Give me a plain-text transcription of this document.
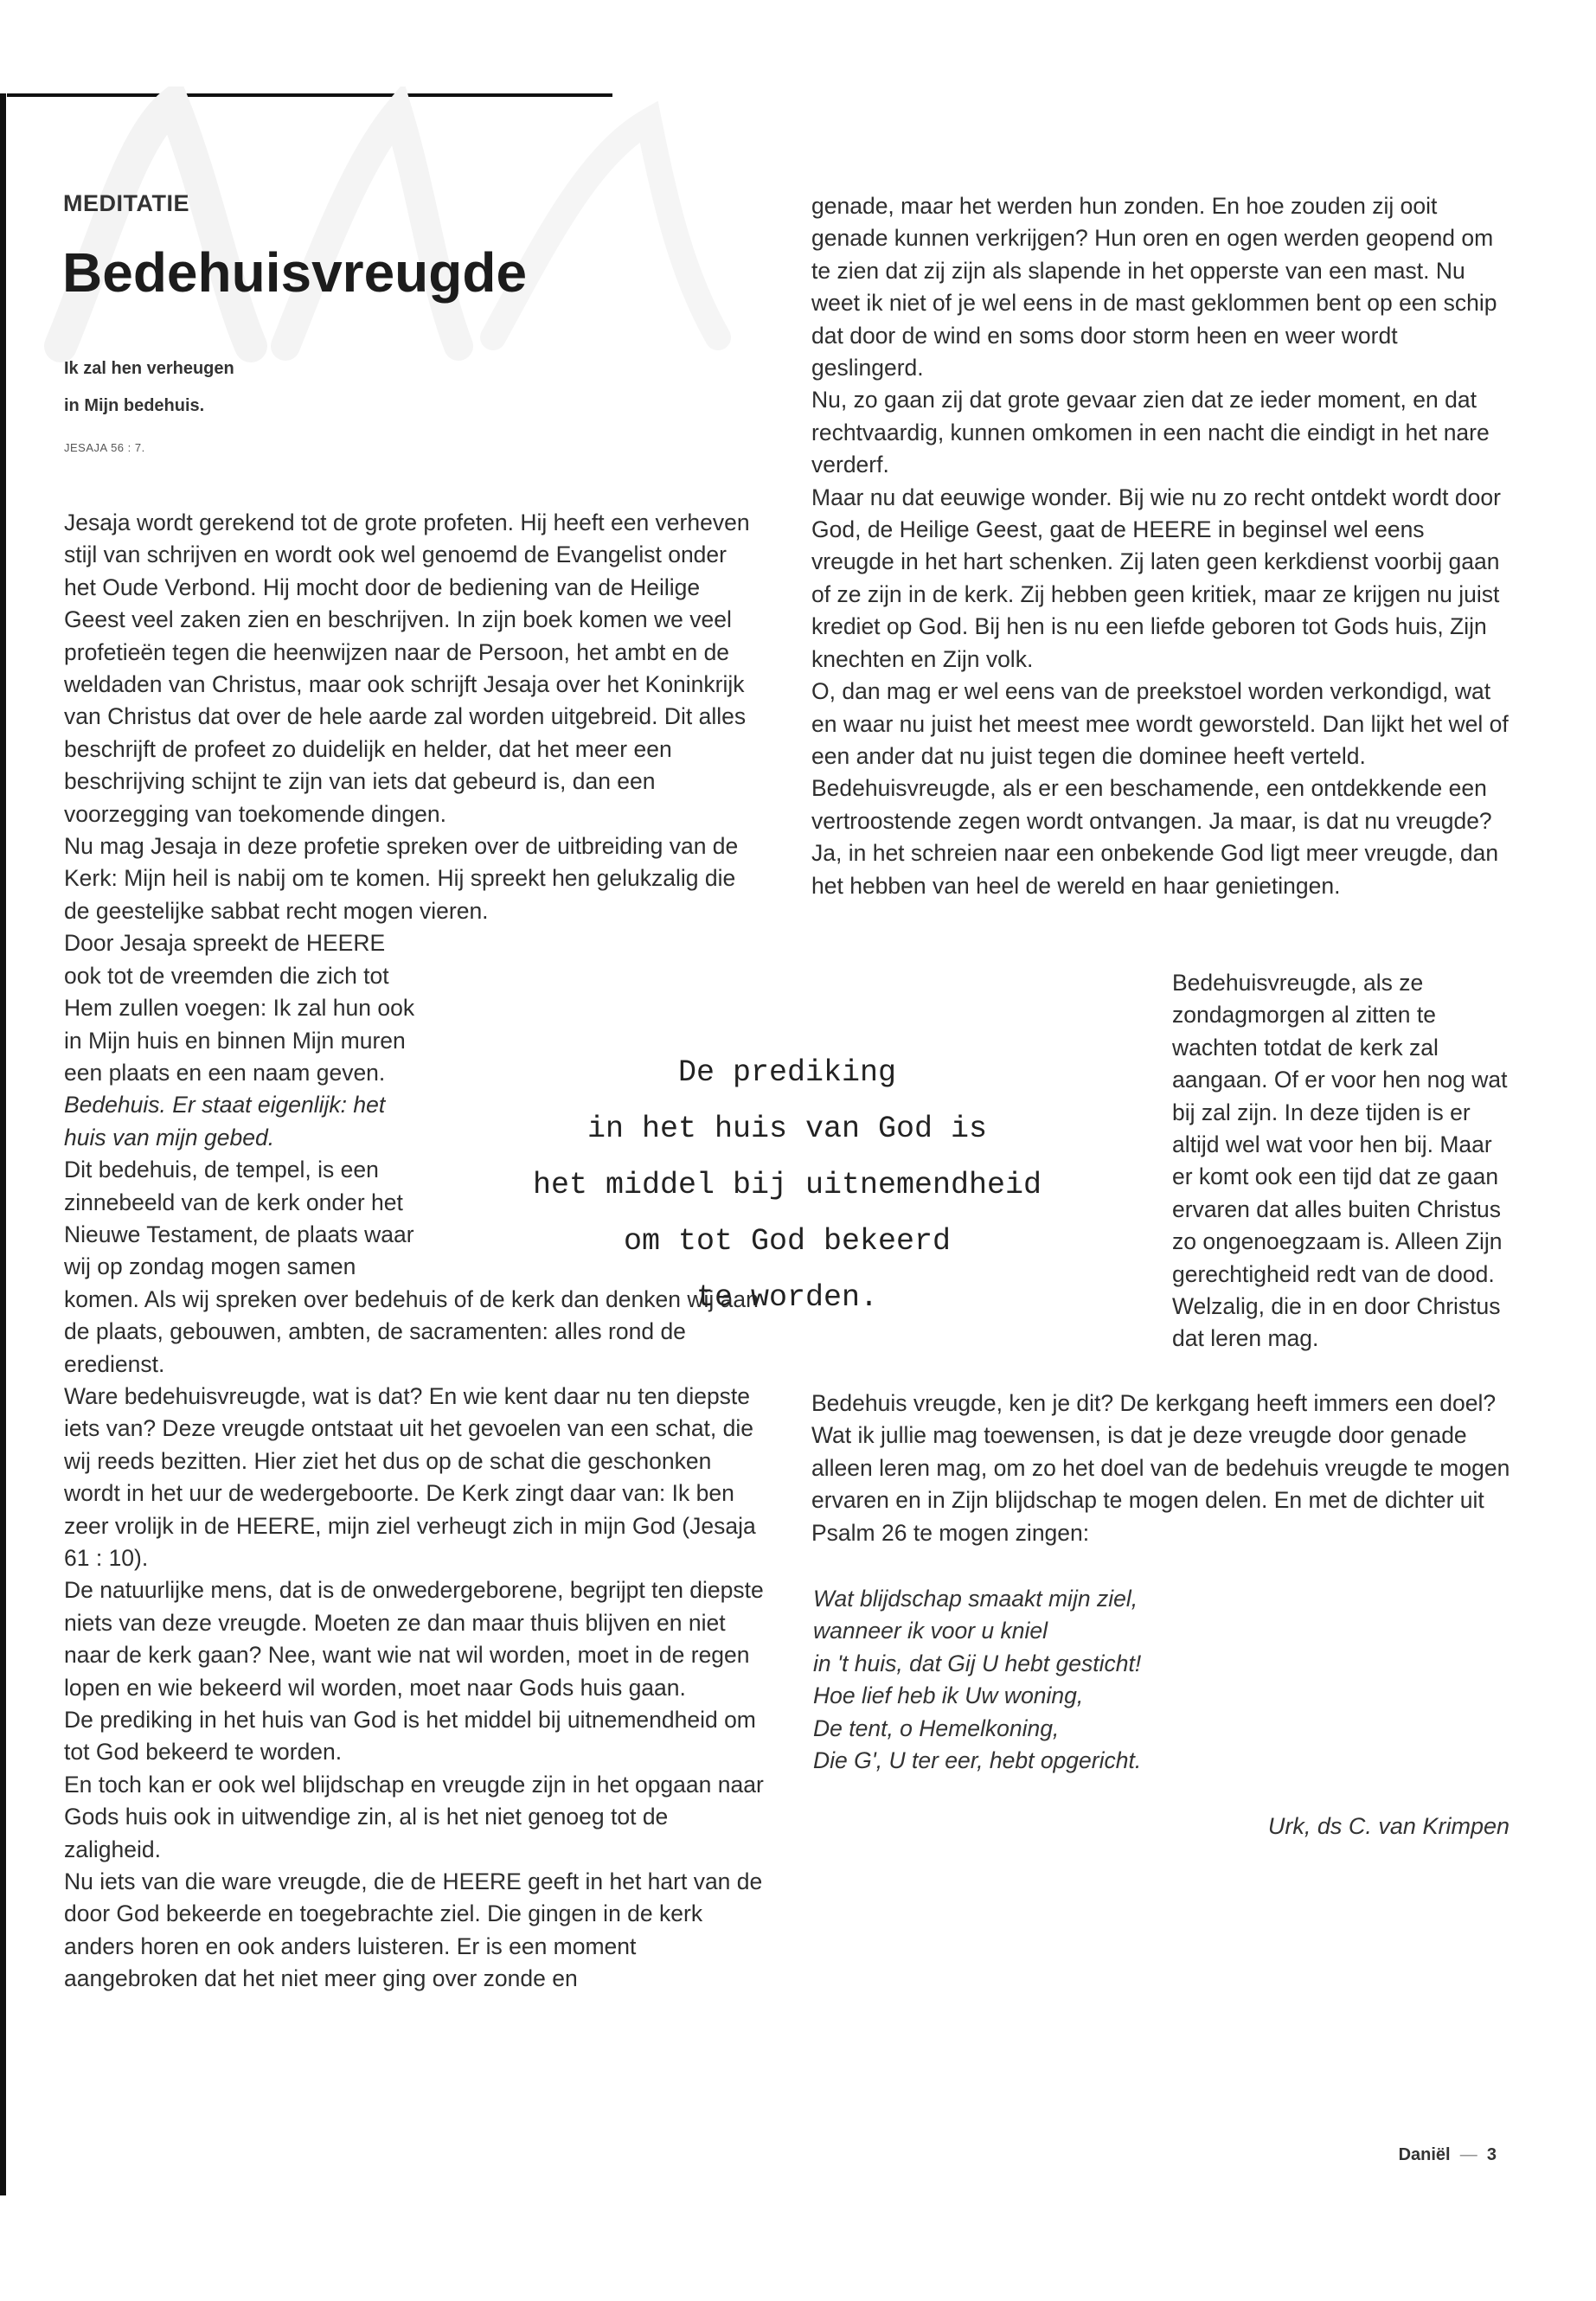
MEDITATIE
Bedehuisvreugde
Ik zal hen verheugen
in Mijn bedehuis.
JESAJA 56 : 7.

Jesaja wordt gerekend tot de grote profeten. Hij heeft een verheven stijl van schrijven en wordt ook wel genoemd de Evangelist onder het Oude Verbond. Hij mocht door de bediening van de Heilige Geest veel zaken zien en beschrijven. In zijn boek komen we veel profetieën tegen die heenwijzen naar de Persoon, het ambt en de weldaden van Christus, maar ook schrijft Jesaja over het Koninkrijk van Christus dat over de hele aarde zal worden uitgebreid. Dit alles beschrijft de profeet zo duidelijk en helder, dat het meer een beschrijving schijnt te zijn van iets dat gebeurd is, dan een voorzegging van toekomende dingen.

Nu mag Jesaja in deze profetie spreken over de uitbreiding van de Kerk: Mijn heil is nabij om te komen. Hij spreekt hen gelukzalig die de geestelijke sabbat recht mogen vieren.

Door Jesaja spreekt de HEERE ook tot de vreemden die zich tot Hem zullen voegen: Ik zal hun ook in Mijn huis en binnen Mijn muren een plaats en een naam geven.

Bedehuis. Er staat eigenlijk: het huis van mijn gebed.

Dit bedehuis, de tempel, is een zinnebeeld van de kerk onder het Nieuwe Testament, de plaats waar wij op zondag mogen samen

komen. Als wij spreken over bedehuis of de kerk dan denken wij aan de plaats, gebouwen, ambten, de sacramenten: alles rond de eredienst.

Ware bedehuisvreugde, wat is dat? En wie kent daar nu ten diepste iets van? Deze vreugde ontstaat uit het gevoelen van een schat, die wij reeds bezitten. Hier ziet het dus op de schat die geschonken wordt in het uur de wedergeboorte. De Kerk zingt daar van: Ik ben zeer vrolijk in de HEERE, mijn ziel verheugt zich in mijn God (Jesaja 61 : 10).

De natuurlijke mens, dat is de onwedergeborene, begrijpt ten diepste niets van deze vreugde. Moeten ze dan maar thuis blijven en niet naar de kerk gaan? Nee, want wie nat wil worden, moet in de regen lopen en wie bekeerd wil worden, moet naar Gods huis gaan.

De prediking in het huis van God is het middel bij uitnemendheid om tot God bekeerd te worden.

En toch kan er ook wel blijdschap en vreugde zijn in het opgaan naar Gods huis ook in uitwendige zin, al is het niet genoeg tot de zaligheid.

Nu iets van die ware vreugde, die de HEERE geeft in het hart van de door God bekeerde en toegebrachte ziel. Die gingen in de kerk anders horen en ook anders luisteren. Er is een moment aangebroken dat het niet meer ging over zonde en

genade, maar het werden hun zonden. En hoe zouden zij ooit genade kunnen verkrijgen? Hun oren en ogen werden geopend om te zien dat zij zijn als slapende in het opperste van een mast. Nu weet ik niet of je wel eens in de mast geklommen bent op een schip dat door de wind en soms door storm heen en weer wordt geslingerd.

Nu, zo gaan zij dat grote gevaar zien dat ze ieder moment, en dat rechtvaardig, kunnen omkomen in een nacht die eindigt in het nare verderf.

Maar nu dat eeuwige wonder. Bij wie nu zo recht ontdekt wordt door God, de Heilige Geest, gaat de HEERE in beginsel wel eens vreugde in het hart schenken. Zij laten geen kerkdienst voorbij gaan of ze zijn in de kerk. Zij hebben geen kritiek, maar ze krijgen nu juist krediet op God. Bij hen is nu een liefde geboren tot Gods huis, Zijn knechten en Zijn volk.

O, dan mag er wel eens van de preekstoel worden verkondigd, wat en waar nu juist het meest mee wordt geworsteld. Dan lijkt het wel of een ander dat nu juist tegen die dominee heeft verteld.

Bedehuisvreugde, als er een beschamende, een ontdekkende een vertroostende zegen wordt ontvangen. Ja maar, is dat nu vreugde? Ja, in het schreien naar een onbekende God ligt meer vreugde, dan het hebben van heel de wereld en haar genietingen.

Bedehuisvreugde, als ze zondagmorgen al zitten te wachten totdat de kerk zal aangaan. Of er voor hen nog wat bij zal zijn. In deze tijden is er altijd wel wat voor hen bij. Maar er komt ook een tijd dat ze gaan ervaren dat alles buiten Christus zo ongenoegzaam is. Alleen Zijn gerechtigheid redt van de dood. Welzalig, die in en door Christus dat leren mag.

De prediking
in het huis van God is
het middel bij uitnemendheid
om tot God bekeerd
te worden.

Bedehuis vreugde, ken je dit? De kerkgang heeft immers een doel? Wat ik jullie mag toewensen, is dat je deze vreugde door genade alleen leren mag, om zo het doel van de bedehuis vreugde te mogen ervaren en in Zijn blijdschap te mogen delen. En met de dichter uit Psalm 26 te mogen zingen:

Wat blijdschap smaakt mijn ziel,
wanneer ik voor u kniel
in 't huis, dat Gij U hebt gesticht!
Hoe lief heb ik Uw woning,
De tent, o Hemelkoning,
Die G', U ter eer, hebt opgericht.
Urk, ds C. van Krimpen
Daniël  —  3
